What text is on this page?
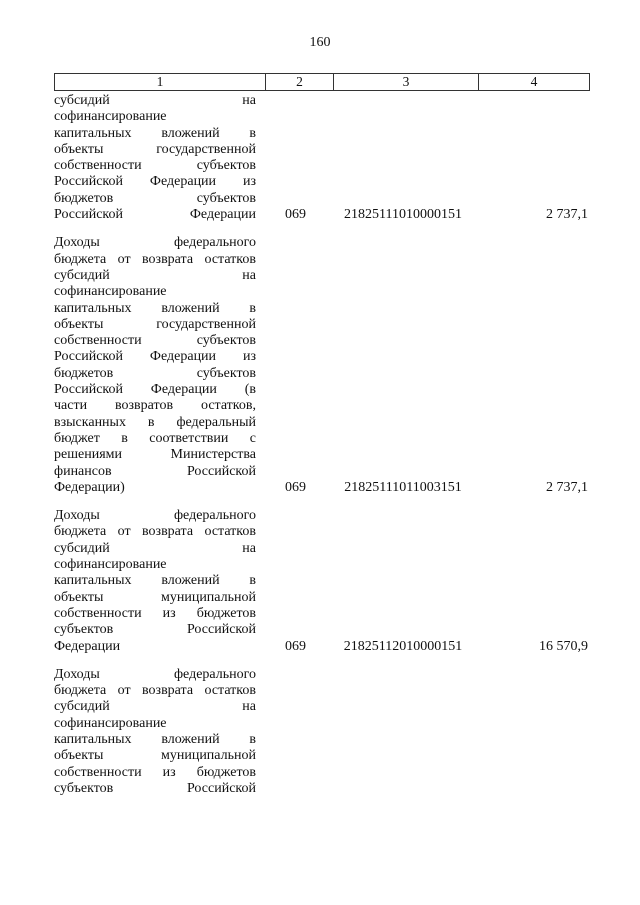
160
1	2	3	4
субсидий на
софинансирование
капитальных вложений в
объекты государственной
собственности субъектов
Российской Федерации из
бюджетов субъектов
Российской Федерации	069	21825111010000151	2 737,1
Доходы федерального
бюджета от возврата остатков
субсидий на
софинансирование
капитальных вложений в
объекты государственной
собственности субъектов
Российской Федерации из
бюджетов субъектов
Российской Федерации (в
части возвратов остатков,
взысканных в федеральный
бюджет в соответствии с
решениями Министерства
финансов Российской
Федерации)	069	21825111011003151	2 737,1
Доходы федерального
бюджета от возврата остатков
субсидий на
софинансирование
капитальных вложений в
объекты муниципальной
собственности из бюджетов
субъектов Российской
Федерации	069	21825112010000151	16 570,9
Доходы федерального
бюджета от возврата остатков
субсидий на
софинансирование
капитальных вложений в
объекты муниципальной
собственности из бюджетов
субъектов Российской
